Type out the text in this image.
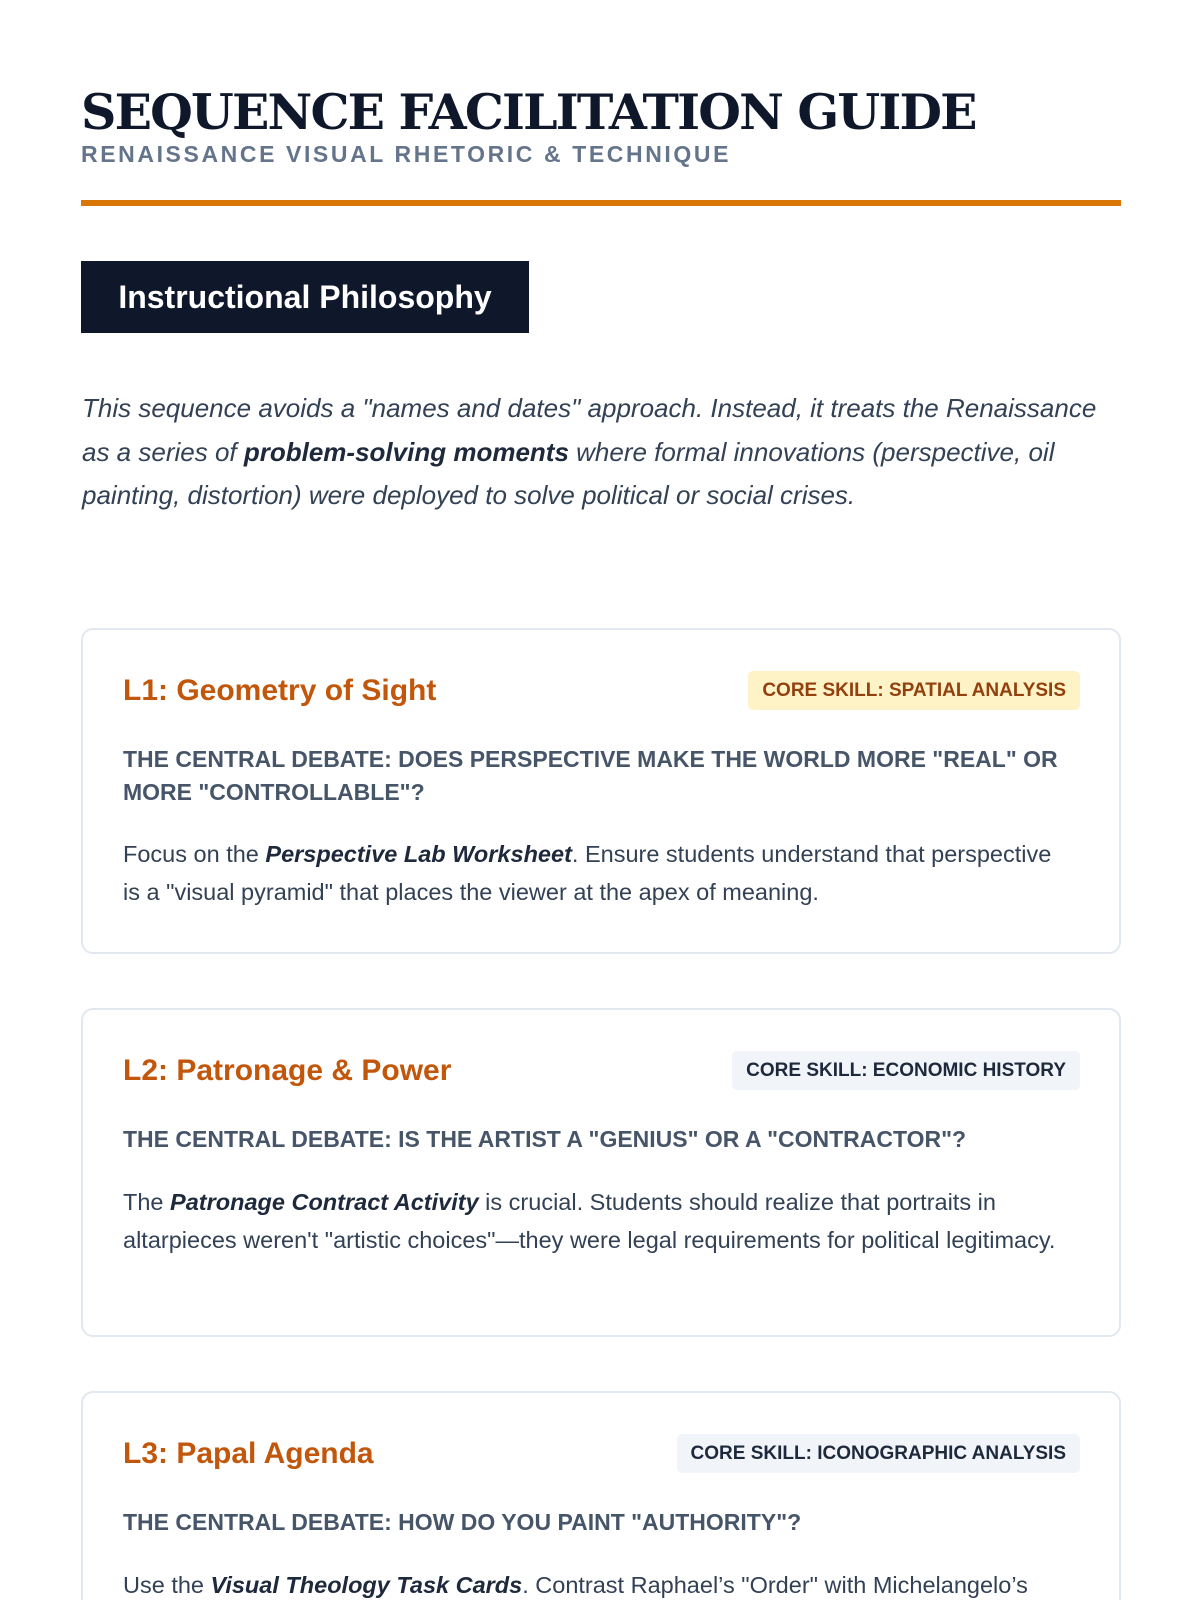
SEQUENCE FACILITATION GUIDE
RENAISSANCE VISUAL RHETORIC & TECHNIQUE
Instructional Philosophy

This sequence avoids a "names and dates" approach. Instead, it treats the Renaissance as a series of problem-solving moments where formal innovations (perspective, oil painting, distortion) were deployed to solve political or social crises.

L1: Geometry of Sight	CORE SKILL: SPATIAL ANALYSIS

THE CENTRAL DEBATE: DOES PERSPECTIVE MAKE THE WORLD MORE "REAL" OR MORE "CONTROLLABLE"?

Focus on the Perspective Lab Worksheet. Ensure students understand that perspective is a "visual pyramid" that places the viewer at the apex of meaning.

L2: Patronage & Power	CORE SKILL: ECONOMIC HISTORY

THE CENTRAL DEBATE: IS THE ARTIST A "GENIUS" OR A "CONTRACTOR"?

The Patronage Contract Activity is crucial. Students should realize that portraits in altarpieces weren't "artistic choices"—they were legal requirements for political legitimacy.

L3: Papal Agenda	CORE SKILL: ICONOGRAPHIC ANALYSIS

THE CENTRAL DEBATE: HOW DO YOU PAINT "AUTHORITY"?

Use the Visual Theology Task Cards. Contrast Raphael’s "Order" with Michelangelo’s
